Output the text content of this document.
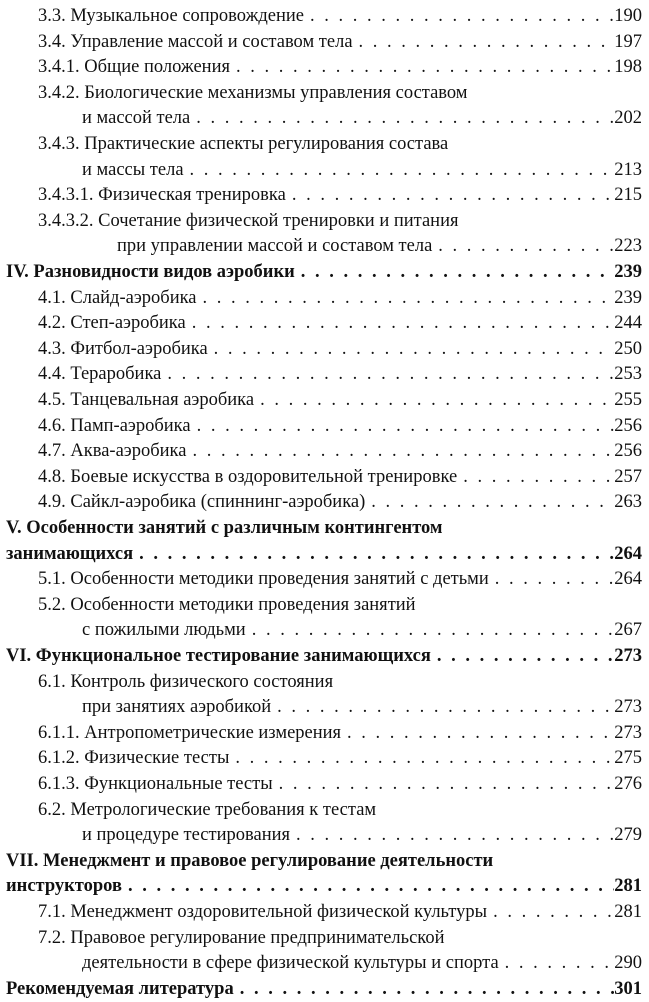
3.3. Музыкальное сопровождение . . .	190
3.4. Управление массой и составом тела . . .	197
3.4.1. Общие положения . . .	198
3.4.2. Биологические механизмы управления составом
и массой тела . . .	202
3.4.3. Практические аспекты регулирования состава
и массы тела . . .	213
3.4.3.1. Физическая тренировка . . .	215
3.4.3.2. Сочетание физической тренировки и питания
при управлении массой и составом тела . . .	223
IV. Разновидности видов аэробики . . .	239
4.1. Слайд-аэробика . . .	239
4.2. Степ-аэробика . . .	244
4.3. Фитбол-аэробика . . .	250
4.4. Тераробика . . .	253
4.5. Танцевальная аэробика . . .	255
4.6. Памп-аэробика . . .	256
4.7. Аква-аэробика . . .	256
4.8. Боевые искусства в оздоровительной тренировке . . .	257
4.9. Сайкл-аэробика (спиннинг-аэробика) . . .	263
V. Особенности занятий с различным контингентом
занимающихся . . .	264
5.1. Особенности методики проведения занятий с детьми . . .	264
5.2. Особенности методики проведения занятий
с пожилыми людьми . . .	267
VI. Функциональное тестирование занимающихся . . .	273
6.1. Контроль физического состояния
при занятиях аэробикой . . .	273
6.1.1. Антропометрические измерения . . .	273
6.1.2. Физические тесты . . .	275
6.1.3. Функциональные тесты . . .	276
6.2. Метрологические требования к тестам
и процедуре тестирования . . .	279
VII. Менеджмент и правовое регулирование деятельности
инструкторов . . .	281
7.1. Менеджмент оздоровительной физической культуры . . .	281
7.2. Правовое регулирование предпринимательской
деятельности в сфере физической культуры и спорта . . .	290
Рекомендуемая литература . . .	301
